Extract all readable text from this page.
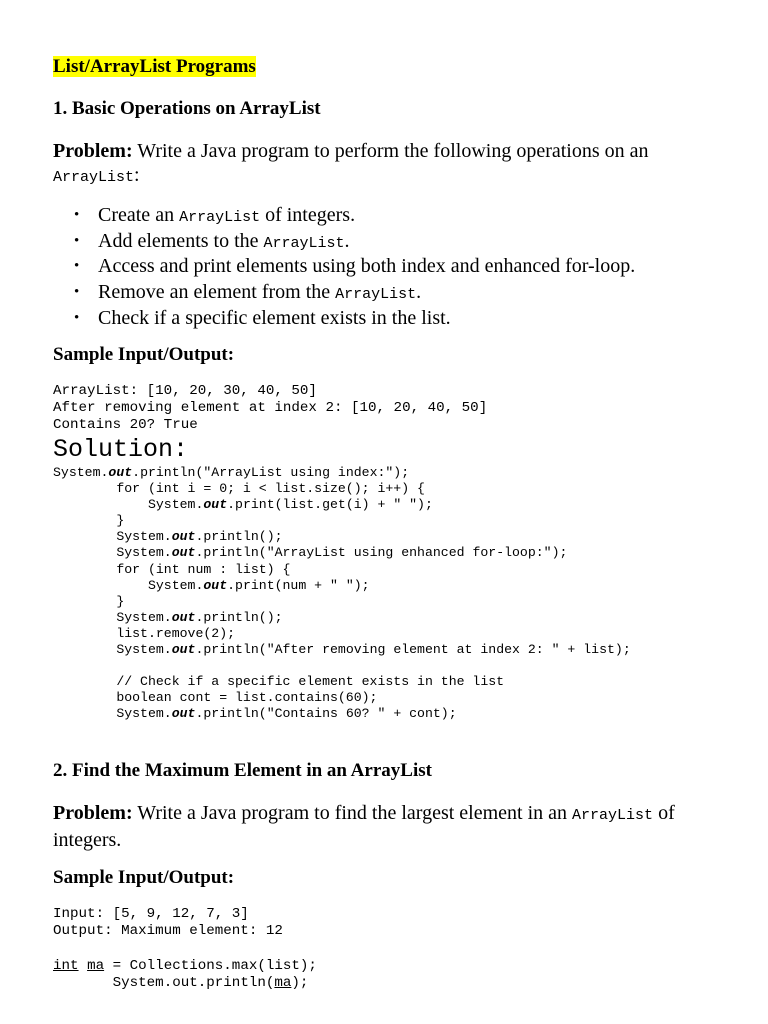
List/ArrayList Programs
1. Basic Operations on ArrayList
Problem: Write a Java program to perform the following operations on an
ArrayList:
• Create an ArrayList of integers.
• Add elements to the ArrayList.
• Access and print elements using both index and enhanced for-loop.
• Remove an element from the ArrayList.
• Check if a specific element exists in the list.
Sample Input/Output:
ArrayList: [10, 20, 30, 40, 50]
After removing element at index 2: [10, 20, 40, 50]
Contains 20? True
Solution:
System.out.println("ArrayList using index:");
for (int i = 0; i < list.size(); i++) {
System.out.print(list.get(i) + " ");
}
System.out.println();
System.out.println("ArrayList using enhanced for-loop:");
for (int num : list) {
System.out.print(num + " ");
}
System.out.println();
list.remove(2);
System.out.println("After removing element at index 2: " + list);

// Check if a specific element exists in the list
boolean cont = list.contains(60);
System.out.println("Contains 60? " + cont);
2. Find the Maximum Element in an ArrayList
Problem: Write a Java program to find the largest element in an ArrayList of integers.
Sample Input/Output:
Input: [5, 9, 12, 7, 3]
Output: Maximum element: 12
int ma = Collections.max(list);
System.out.println(ma);
